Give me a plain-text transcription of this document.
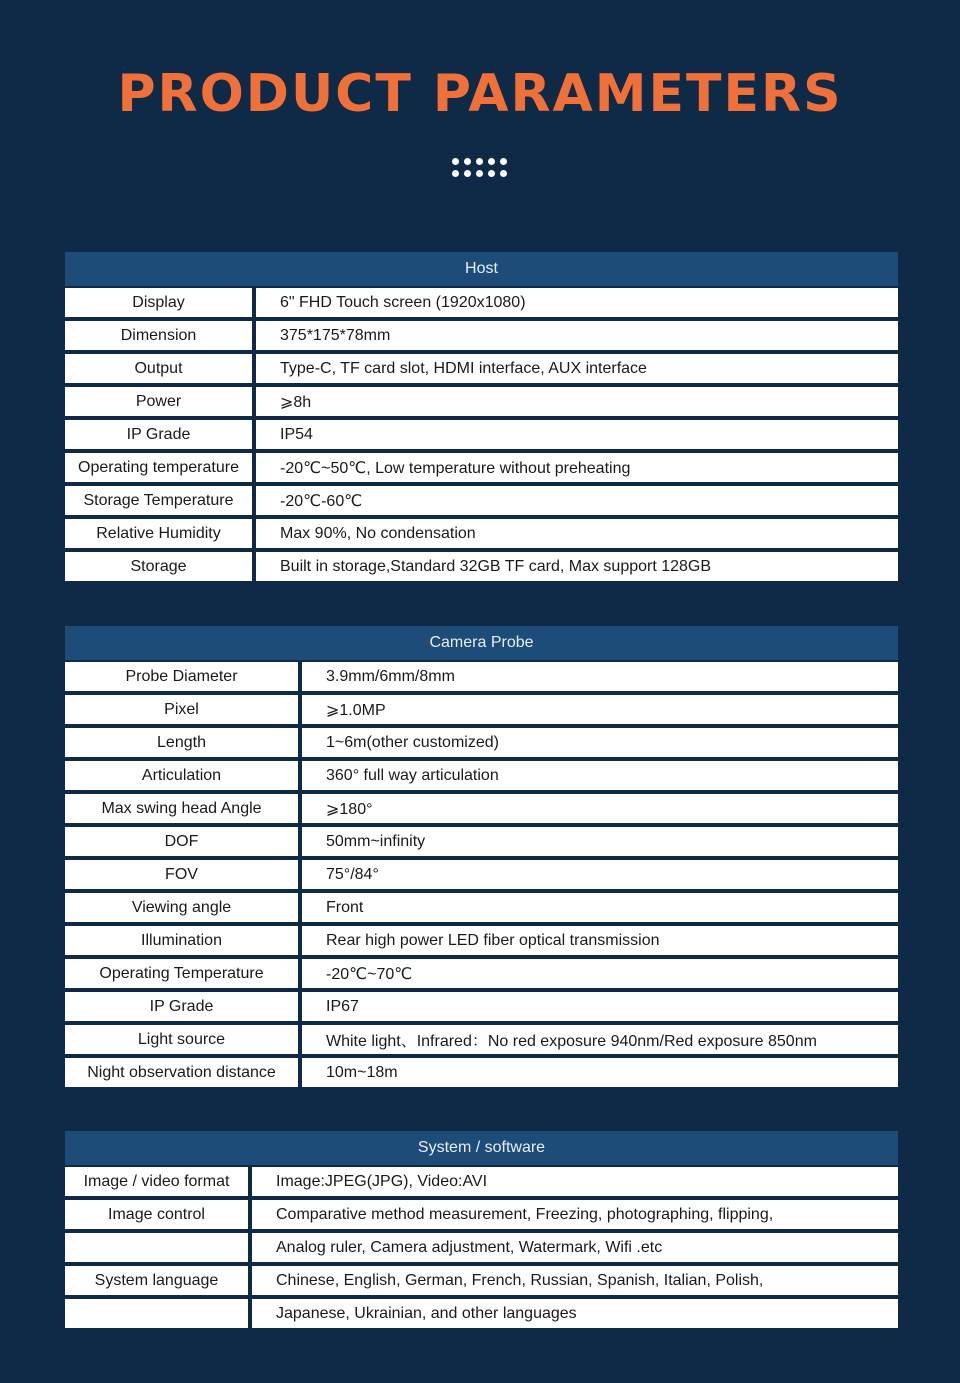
PRODUCT PARAMETERS
Host
Display	6" FHD Touch screen (1920x1080)
Dimension	375*175*78mm
Output	Type-C, TF card slot, HDMI interface, AUX interface
Power	⩾8h
IP Grade	IP54
Operating temperature	-20℃~50℃, Low temperature without preheating
Storage Temperature	-20℃-60℃
Relative Humidity	Max 90%, No condensation
Storage	Built in storage,Standard 32GB TF card, Max support 128GB
Camera Probe
Probe Diameter	3.9mm/6mm/8mm
Pixel	⩾1.0MP
Length	1~6m(other customized)
Articulation	360° full way articulation
Max swing head Angle	⩾180°
DOF	50mm~infinity
FOV	75°/84°
Viewing angle	Front
Illumination	Rear high power LED fiber optical transmission
Operating Temperature	-20℃~70℃
IP Grade	IP67
Light source	White light、Infrared：No red exposure 940nm/Red exposure 850nm
Night observation distance	10m~18m
System / software
Image / video format	Image:JPEG(JPG), Video:AVI
Image control	Comparative method measurement, Freezing, photographing, flipping,
Analog ruler, Camera adjustment, Watermark, Wifi .etc
System language	Chinese, English, German, French, Russian, Spanish, Italian, Polish,
Japanese, Ukrainian, and other languages
